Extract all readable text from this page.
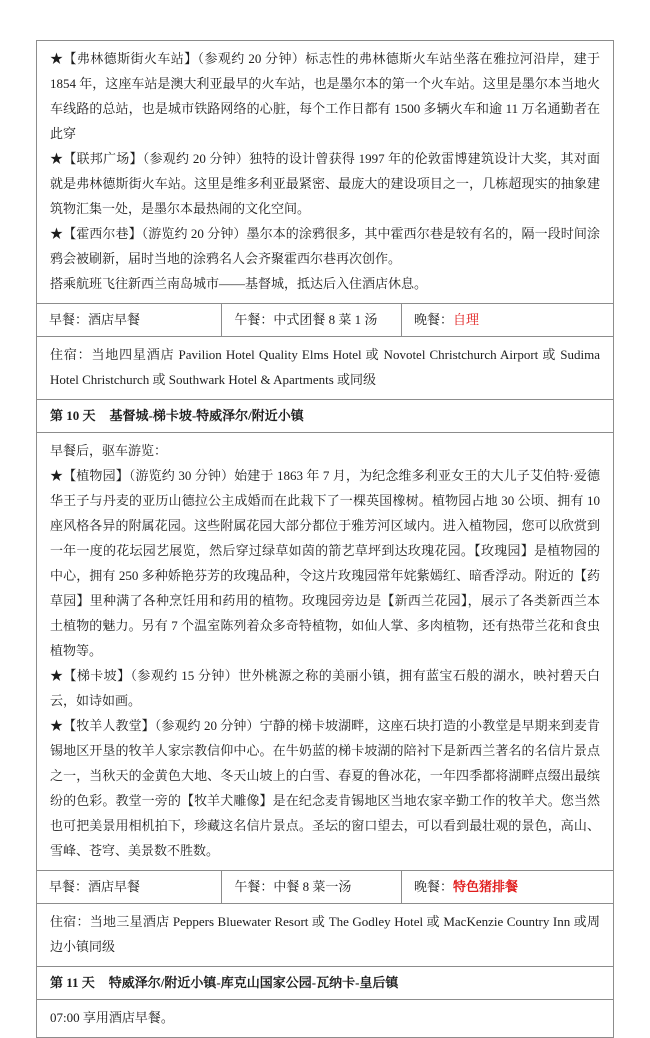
★【弗林德斯街火车站】（参观约 20 分钟）标志性的弗林德斯火车站坐落在雅拉河沿岸，建于 1854 年，这座车站是澳大利亚最早的火车站，也是墨尔本的第一个火车站。这里是墨尔本当地火车线路的总站，也是城市铁路网络的心脏，每个工作日都有 1500 多辆火车和逾 11 万名通勤者在此穿

★【联邦广场】（参观约 20 分钟）独特的设计曾获得 1997 年的伦敦雷博建筑设计大奖，其对面就是弗林德斯街火车站。这里是维多利亚最紧密、最庞大的建设项目之一，几栋超现实的抽象建筑物汇集一处，是墨尔本最热闹的文化空间。

★【霍西尔巷】（游览约 20 分钟）墨尔本的涂鸦很多，其中霍西尔巷是较有名的，隔一段时间涂鸦会被刷新，届时当地的涂鸦名人会齐聚霍西尔巷再次创作。

搭乘航班飞往新西兰南岛城市——基督城，抵达后入住酒店休息。

早餐：酒店早餐	午餐：中式团餐 8 菜 1 汤	晚餐：自理
住宿：当地四星酒店 Pavilion Hotel Quality Elms Hotel 或 Novotel Christchurch Airport 或 Sudima Hotel Christchurch 或 Southwark Hotel & Apartments 或同级
第 10 天 基督城-梯卡坡-特威泽尔/附近小镇

早餐后，驱车游览：

★【植物园】（游览约 30 分钟）始建于 1863 年 7 月，为纪念维多利亚女王的大儿子艾伯特·爱德华王子与丹麦的亚历山德拉公主成婚而在此栽下了一棵英国橡树。植物园占地 30 公顷、拥有 10 座风格各异的附属花园。这些附属花园大部分都位于雅芳河区域内。进入植物园，您可以欣赏到一年一度的花坛园艺展览，然后穿过绿草如茵的箭艺草坪到达玫瑰花园。【玫瑰园】是植物园的中心，拥有 250 多种娇艳芬芳的玫瑰品种，令这片玫瑰园常年姹紫嫣红、暗香浮动。附近的【药草园】里种满了各种烹饪用和药用的植物。玫瑰园旁边是【新西兰花园】，展示了各类新西兰本土植物的魅力。另有 7 个温室陈列着众多奇特植物，如仙人掌、多肉植物，还有热带兰花和食虫植物等。

★【梯卡坡】（参观约 15 分钟）世外桃源之称的美丽小镇，拥有蓝宝石般的湖水，映衬碧天白云，如诗如画。

★【牧羊人教堂】（参观约 20 分钟）宁静的梯卡坡湖畔，这座石块打造的小教堂是早期来到麦肯锡地区开垦的牧羊人家宗教信仰中心。在牛奶蓝的梯卡坡湖的陪衬下是新西兰著名的名信片景点之一，当秋天的金黄色大地、冬天山坡上的白雪、春夏的鲁冰花，一年四季都将湖畔点缀出最缤纷的色彩。教堂一旁的【牧羊犬雕像】是在纪念麦肯锡地区当地农家辛勤工作的牧羊犬。您当然也可把美景用相机拍下，珍藏这名信片景点。圣坛的窗口望去，可以看到最壮观的景色，高山、雪峰、苍穹、美景数不胜数。

早餐：酒店早餐	午餐：中餐 8 菜一汤	晚餐：特色猪排餐
住宿：当地三星酒店 Peppers Bluewater Resort 或 The Godley Hotel 或 MacKenzie Country Inn 或周边小镇同级
第 11 天 特威泽尔/附近小镇-库克山国家公园-瓦纳卡-皇后镇

07:00 享用酒店早餐。
